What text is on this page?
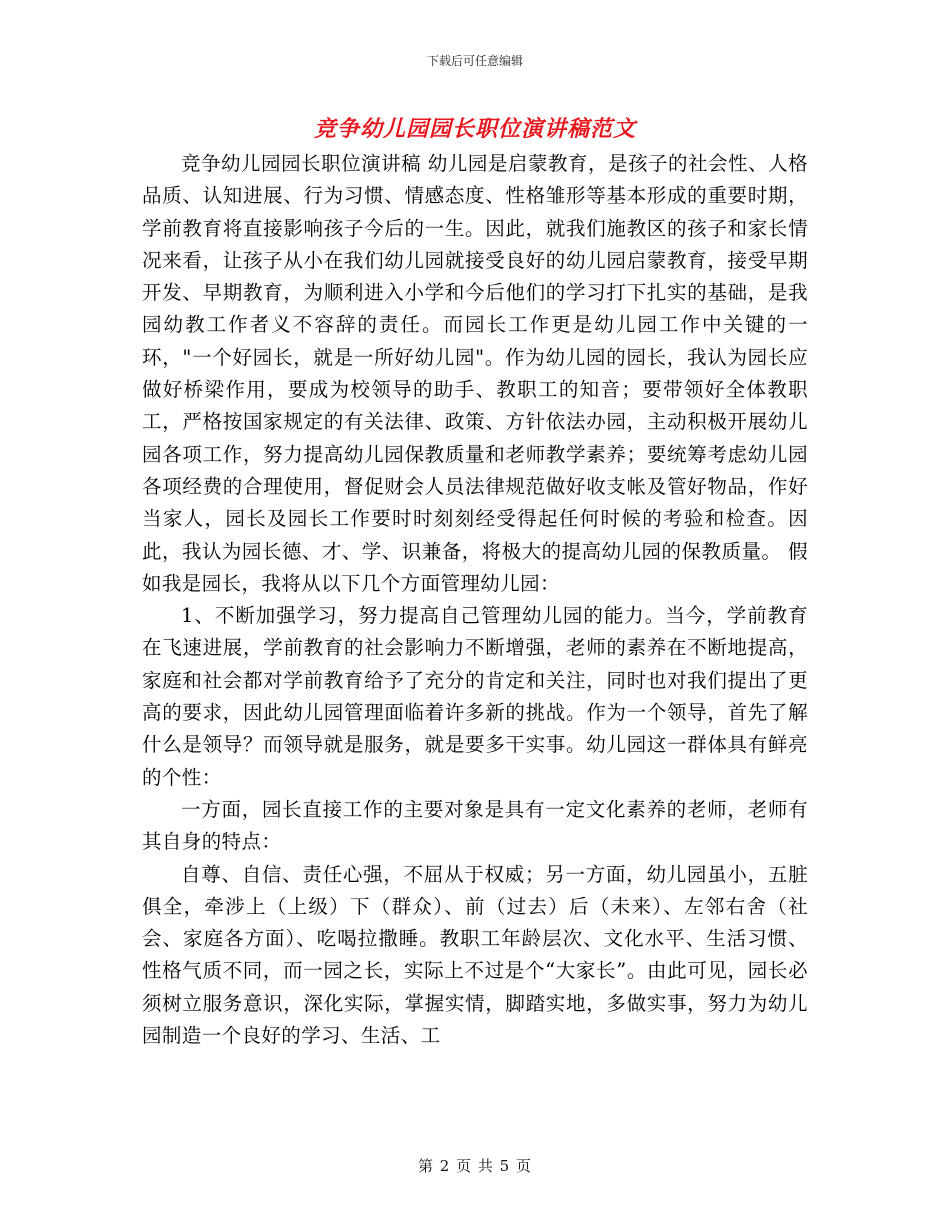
下载后可任意编辑
竞争幼儿园园长职位演讲稿范文

竞争幼儿园园长职位演讲稿 幼儿园是启蒙教育，是孩子的社会性、人格品质、认知进展、行为习惯、情感态度、性格雏形等基本形成的重要时期，学前教育将直接影响孩子今后的一生。因此，就我们施教区的孩子和家长情况来看，让孩子从小在我们幼儿园就接受良好的幼儿园启蒙教育，接受早期开发、早期教育，为顺利进入小学和今后他们的学习打下扎实的基础，是我园幼教工作者义不容辞的责任。而园长工作更是幼儿园工作中关键的一环，"一个好园长，就是一所好幼儿园"。作为幼儿园的园长，我认为园长应做好桥梁作用，要成为校领导的助手、教职工的知音；要带领好全体教职工，严格按国家规定的有关法律、政策、方针依法办园，主动积极开展幼儿园各项工作，努力提高幼儿园保教质量和老师教学素养；要统筹考虑幼儿园各项经费的合理使用，督促财会人员法律规范做好收支帐及管好物品，作好当家人，园长及园长工作要时时刻刻经受得起任何时候的考验和检查。因此，我认为园长德、才、学、识兼备，将极大的提高幼儿园的保教质量。 假如我是园长，我将从以下几个方面管理幼儿园：

1、不断加强学习，努力提高自己管理幼儿园的能力。当今，学前教育在飞速进展，学前教育的社会影响力不断增强，老师的素养在不断地提高，家庭和社会都对学前教育给予了充分的肯定和关注，同时也对我们提出了更高的要求，因此幼儿园管理面临着许多新的挑战。作为一个领导，首先了解什么是领导？而领导就是服务，就是要多干实事。幼儿园这一群体具有鲜亮的个性：

一方面，园长直接工作的主要对象是具有一定文化素养的老师，老师有其自身的特点：

自尊、自信、责任心强，不屈从于权威；另一方面，幼儿园虽小，五脏俱全，牵涉上（上级）下（群众）、前（过去）后（未来）、左邻右舍（社会、家庭各方面）、吃喝拉撒睡。教职工年龄层次、文化水平、生活习惯、性格气质不同，而一园之长，实际上不过是个“大家长”。由此可见，园长必须树立服务意识，深化实际，掌握实情，脚踏实地，多做实事，努力为幼儿园制造一个良好的学习、生活、工

第 2 页 共 5 页
